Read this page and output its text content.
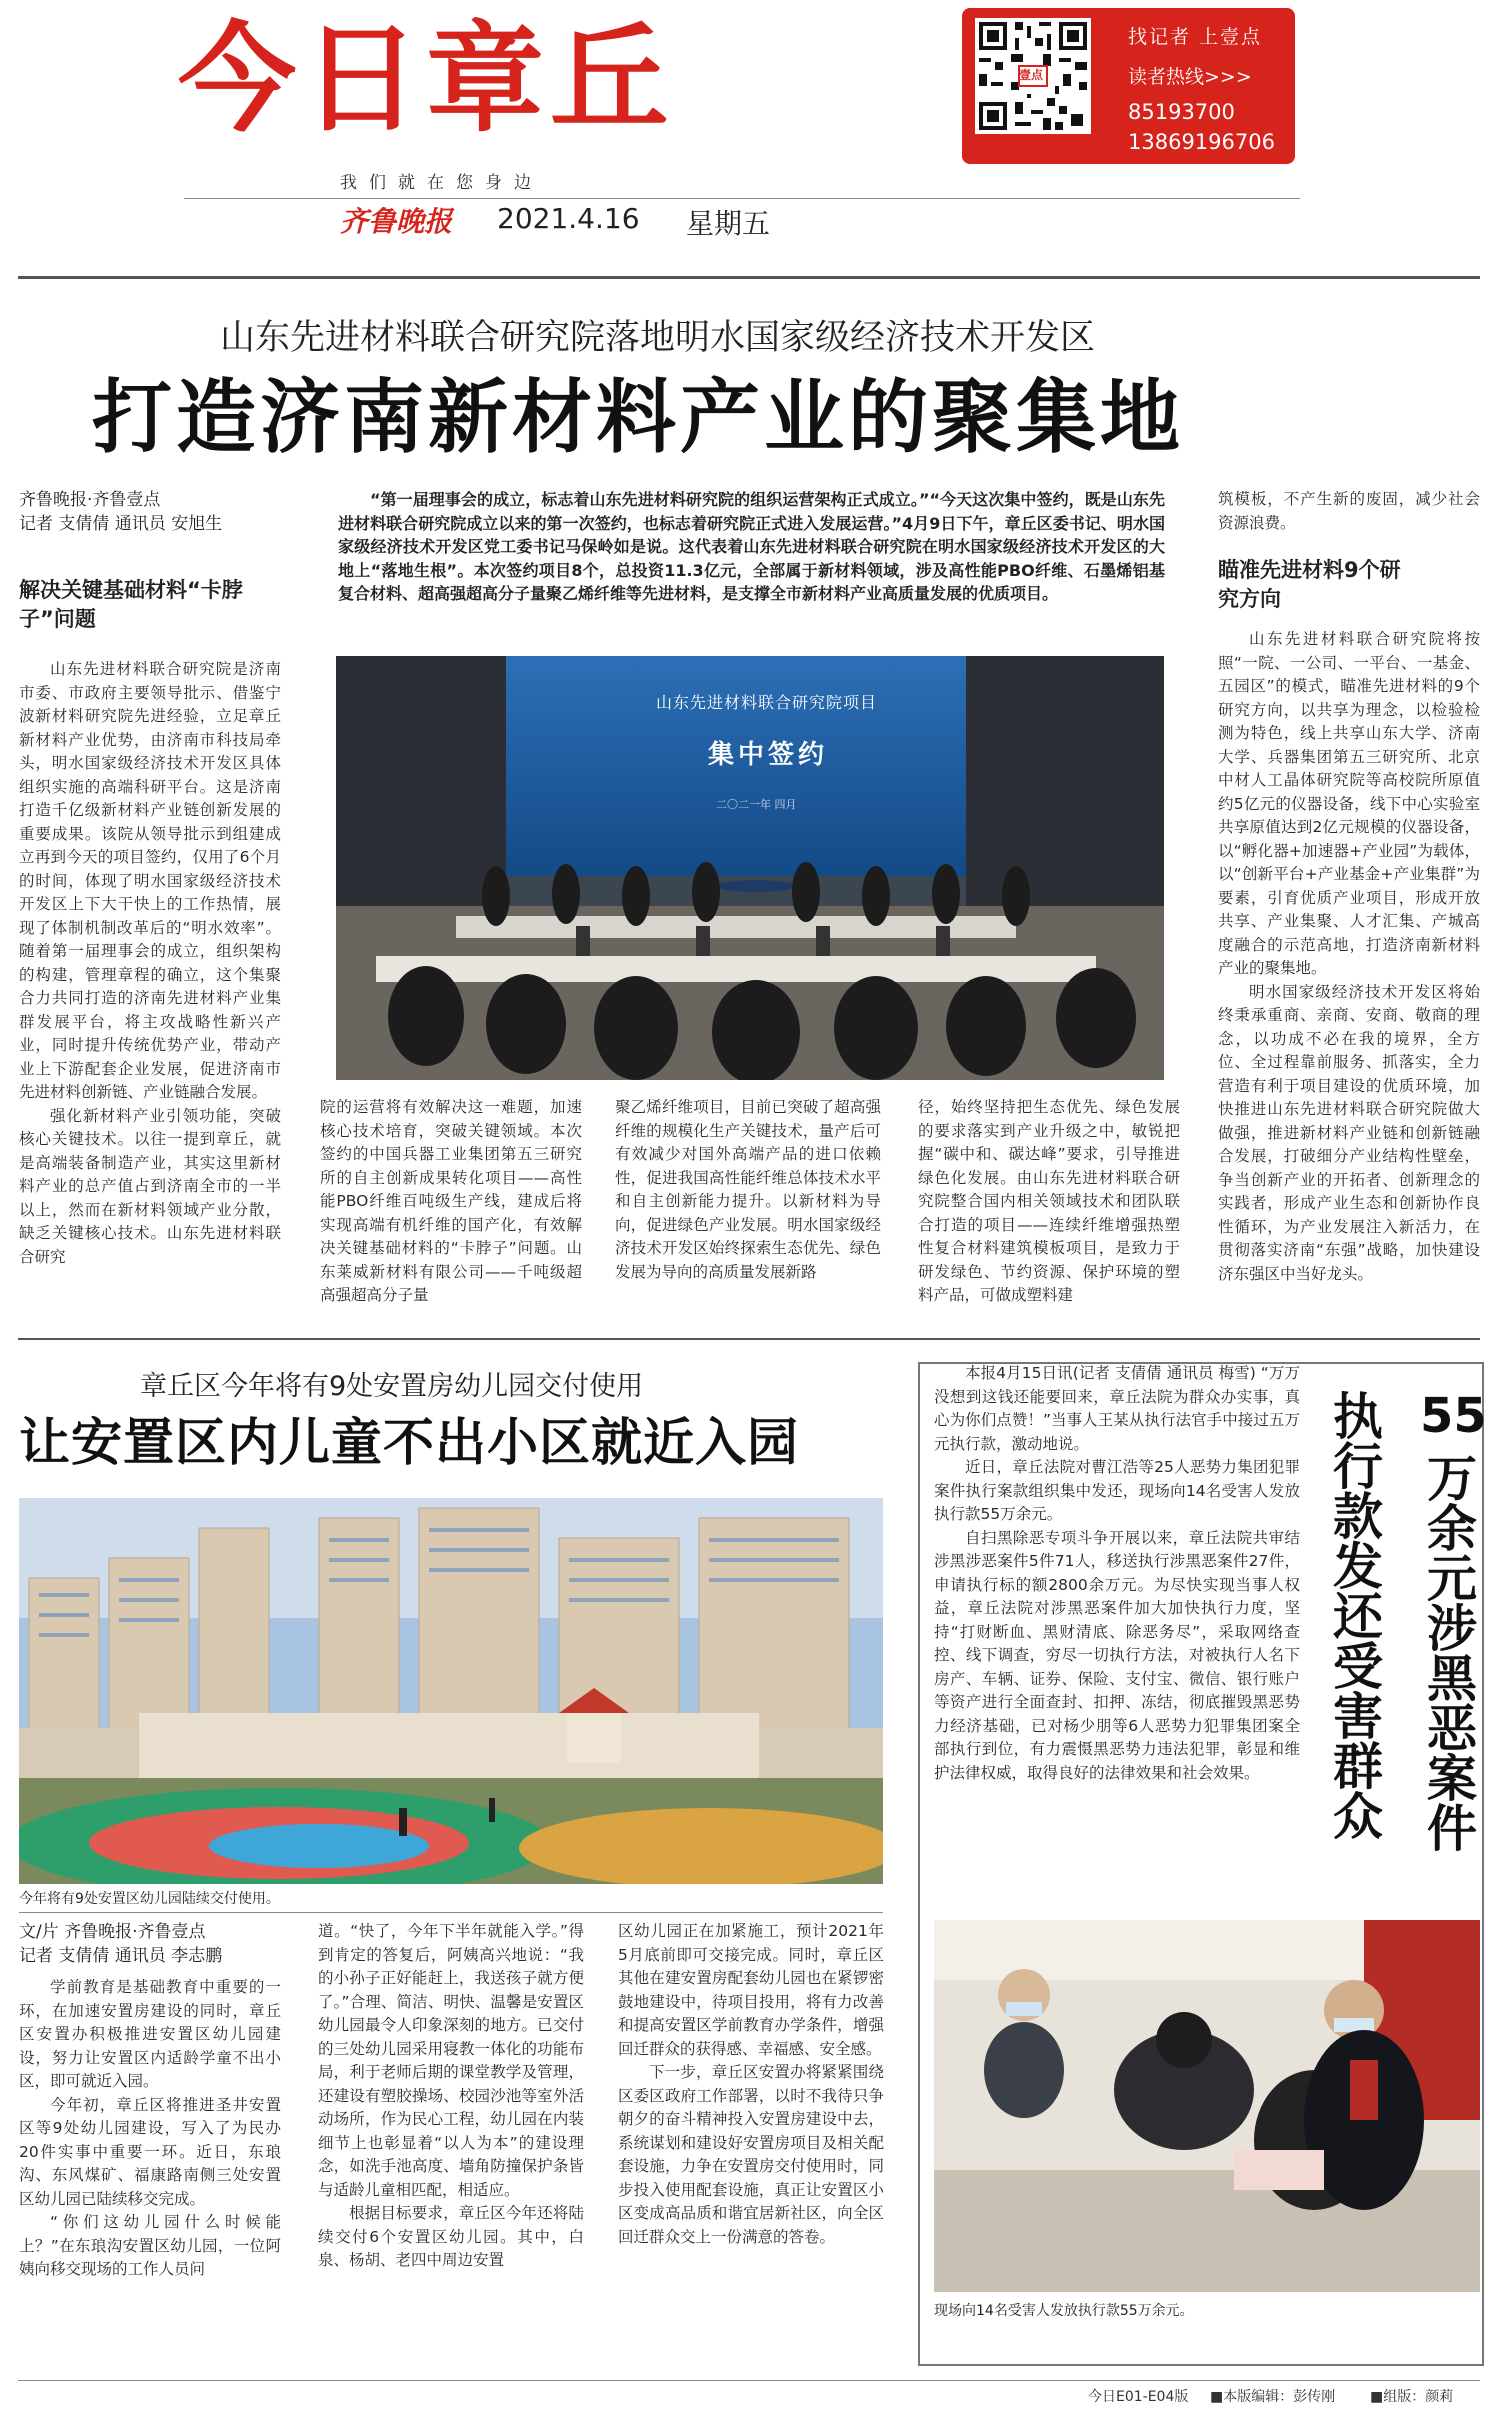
今日章丘
我们就在您身边
齐鲁晚报 2021.4.16 星期五
壹点
找记者 上壹点
读者热线>>>
85193700
13869196706
山东先进材料联合研究院落地明水国家级经济技术开发区
打造济南新材料产业的聚集地
齐鲁晚报·齐鲁壹点
记者 支倩倩 通讯员 安旭生
“第一届理事会的成立，标志着山东先进材料研究院的组织运营架构正式成立。”“今天这次集中签约，既是山东先进材料联合研究院成立以来的第一次签约，也标志着研究院正式进入发展运营。”4月9日下午，章丘区委书记、明水国家级经济技术开发区党工委书记马保岭如是说。这代表着山东先进材料联合研究院在明水国家级经济技术开发区的大地上“落地生根”。本次签约项目8个，总投资11.3亿元，全部属于新材料领域，涉及高性能PBO纤维、石墨烯铝基复合材料、超高强超高分子量聚乙烯纤维等先进材料，是支撑全市新材料产业高质量发展的优质项目。
解决关键基础材料“卡脖子”问题

山东先进材料联合研究院是济南市委、市政府主要领导批示、借鉴宁波新材料研究院先进经验，立足章丘新材料产业优势，由济南市科技局牵头，明水国家级经济技术开发区具体组织实施的高端科研平台。这是济南打造千亿级新材料产业链创新发展的重要成果。该院从领导批示到组建成立再到今天的项目签约，仅用了6个月的时间，体现了明水国家级经济技术开发区上下大干快上的工作热情，展现了体制机制改革后的“明水效率”。随着第一届理事会的成立，组织架构的构建，管理章程的确立，这个集聚合力共同打造的济南先进材料产业集群发展平台，将主攻战略性新兴产业，同时提升传统优势产业，带动产业上下游配套企业发展，促进济南市先进材料创新链、产业链融合发展。

强化新材料产业引领功能，突破核心关键技术。以往一提到章丘，就是高端装备制造产业，其实这里新材料产业的总产值占到济南全市的一半以上，然而在新材料领域产业分散，缺乏关键核心技术。山东先进材料联合研究

山东先进材料联合研究院项目
集中签约
二〇二一年 四月

院的运营将有效解决这一难题，加速核心技术培育，突破关键领域。本次签约的中国兵器工业集团第五三研究所的自主创新成果转化项目——高性能PBO纤维百吨级生产线，建成后将实现高端有机纤维的国产化，有效解决关键基础材料的“卡脖子”问题。山东莱威新材料有限公司——千吨级超高强超高分子量

聚乙烯纤维项目，目前已突破了超高强纤维的规模化生产关键技术，量产后可有效减少对国外高端产品的进口依赖性，促进我国高性能纤维总体技术水平和自主创新能力提升。以新材料为导向，促进绿色产业发展。明水国家级经济技术开发区始终探索生态优先、绿色发展为导向的高质量发展新路

径，始终坚持把生态优先、绿色发展的要求落实到产业升级之中，敏锐把握“碳中和、碳达峰”要求，引导推进绿色化发展。由山东先进材料联合研究院整合国内相关领域技术和团队联合打造的项目——连续纤维增强热塑性复合材料建筑模板项目，是致力于研发绿色、节约资源、保护环境的塑料产品，可做成塑料建

筑模板，不产生新的废固，减少社会资源浪费。

瞄准先进材料9个研究方向

山东先进材料联合研究院将按照“一院、一公司、一平台、一基金、五园区”的模式，瞄准先进材料的9个研究方向，以共享为理念，以检验检测为特色，线上共享山东大学、济南大学、兵器集团第五三研究所、北京中材人工晶体研究院等高校院所原值约5亿元的仪器设备，线下中心实验室共享原值达到2亿元规模的仪器设备，以“孵化器+加速器+产业园”为载体，以“创新平台+产业基金+产业集群”为要素，引育优质产业项目，形成开放共享、产业集聚、人才汇集、产城高度融合的示范高地，打造济南新材料产业的聚集地。

明水国家级经济技术开发区将始终秉承重商、亲商、安商、敬商的理念，以功成不必在我的境界，全方位、全过程靠前服务、抓落实，全力营造有利于项目建设的优质环境，加快推进山东先进材料联合研究院做大做强，推进新材料产业链和创新链融合发展，打破细分产业结构性壁垒，争当创新产业的开拓者、创新理念的实践者，形成产业生态和创新协作良性循环，为产业发展注入新活力，在贯彻落实济南“东强”战略，加快建设济东强区中当好龙头。

章丘区今年将有9处安置房幼儿园交付使用
让安置区内儿童不出小区就近入园
今年将有9处安置区幼儿园陆续交付使用。
文/片 齐鲁晚报·齐鲁壹点
记者 支倩倩 通讯员 李志鹏

学前教育是基础教育中重要的一环，在加速安置房建设的同时，章丘区安置办积极推进安置区幼儿园建设，努力让安置区内适龄学童不出小区，即可就近入园。

今年初，章丘区将推进圣井安置区等9处幼儿园建设，写入了为民办20件实事中重要一环。近日，东琅沟、东风煤矿、福康路南侧三处安置区幼儿园已陆续移交完成。

“你们这幼儿园什么时候能上？”在东琅沟安置区幼儿园，一位阿姨向移交现场的工作人员问

道。“快了，今年下半年就能入学。”得到肯定的答复后，阿姨高兴地说：“我的小孙子正好能赶上，我送孩子就方便了。”合理、简洁、明快、温馨是安置区幼儿园最令人印象深刻的地方。已交付的三处幼儿园采用寝教一体化的功能布局，利于老师后期的课堂教学及管理，还建设有塑胶操场、校园沙池等室外活动场所，作为民心工程，幼儿园在内装细节上也彰显着“以人为本”的建设理念，如洗手池高度、墙角防撞保护条皆与适龄儿童相匹配，相适应。

根据目标要求，章丘区今年还将陆续交付6个安置区幼儿园。其中，白泉、杨胡、老四中周边安置

区幼儿园正在加紧施工，预计2021年5月底前即可交接完成。同时，章丘区其他在建安置房配套幼儿园也在紧锣密鼓地建设中，待项目投用，将有力改善和提高安置区学前教育办学条件，增强回迁群众的获得感、幸福感、安全感。

下一步，章丘区安置办将紧紧围绕区委区政府工作部署，以时不我待只争朝夕的奋斗精神投入安置房建设中去，系统谋划和建设好安置房项目及相关配套设施，力争在安置房交付使用时，同步投入使用配套设施，真正让安置区小区变成高品质和谐宜居新社区，向全区回迁群众交上一份满意的答卷。

55
万余元涉黑恶案件
执行款发还受害群众

本报4月15日讯(记者 支倩倩 通讯员 梅雪) “万万没想到这钱还能要回来，章丘法院为群众办实事，真心为你们点赞！”当事人王某从执行法官手中接过五万元执行款，激动地说。

近日，章丘法院对曹江浩等25人恶势力集团犯罪案件执行案款组织集中发还，现场向14名受害人发放执行款55万余元。

自扫黑除恶专项斗争开展以来，章丘法院共审结涉黑涉恶案件5件71人，移送执行涉黑恶案件27件，申请执行标的额2800余万元。为尽快实现当事人权益，章丘法院对涉黑恶案件加大加快执行力度，坚持“打财断血、黑财清底、除恶务尽”，采取网络查控、线下调查，穷尽一切执行方法，对被执行人名下房产、车辆、证券、保险、支付宝、微信、银行账户等资产进行全面查封、扣押、冻结，彻底摧毁黑恶势力经济基础，已对杨少朋等6人恶势力犯罪集团案全部执行到位，有力震慑黑恶势力违法犯罪，彰显和维护法律权威，取得良好的法律效果和社会效果。

现场向14名受害人发放执行款55万余元。
今日E01-E04版 ■本版编辑：彭传刚 ■组版：颜莉
